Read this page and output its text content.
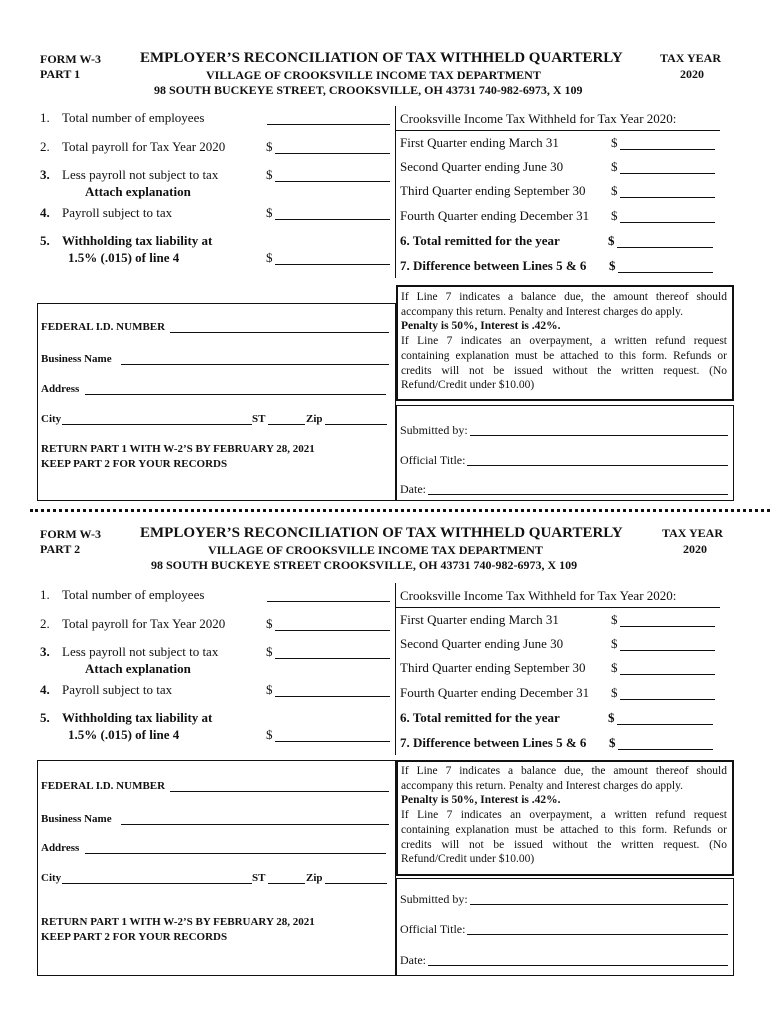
FORM W-3
PART 1
EMPLOYER’S RECONCILIATION OF TAX WITHHELD QUARTERLY
VILLAGE OF CROOKSVILLE INCOME TAX DEPARTMENT
98 SOUTH BUCKEYE STREET, CROOKSVILLE, OH 43731 740-982-6973, X 109
TAX YEAR
2020
1. Total number of employees
2. Total payroll for Tax Year 2020	$
3. Less payroll not subject to tax	$
Attach explanation
4. Payroll subject to tax	$
5. Withholding tax liability at
1.5% (.015) of line 4	$
Crooksville Income Tax Withheld for Tax Year 2020:
First Quarter ending March 31	$
Second Quarter ending June 30	$
Third Quarter ending September 30 $
Fourth Quarter ending December 31 $
6. Total remitted for the year	$
7. Difference between Lines 5 & 6 $
FEDERAL I.D. NUMBER
Business Name
Address
City	ST	Zip
RETURN PART 1 WITH W-2’S BY FEBRUARY 28, 2021
KEEP PART 2 FOR YOUR RECORDS
If Line 7 indicates a balance due, the amount thereof should accompany this return. Penalty and Interest charges do apply.
Penalty is 50%, Interest is .42%.
If Line 7 indicates an overpayment, a written refund request containing explanation must be attached to this form. Refunds or credits will not be issued without the written request. (No Refund/Credit under $10.00)
Submitted by:
Official Title:
Date:
FORM W-3
PART 2
EMPLOYER’S RECONCILIATION OF TAX WITHHELD QUARTERLY
VILLAGE OF CROOKSVILLE INCOME TAX DEPARTMENT
98 SOUTH BUCKEYE STREET CROOKSVILLE, OH 43731 740-982-6973, X 109
TAX YEAR
2020
1. Total number of employees
2. Total payroll for Tax Year 2020	$
3. Less payroll not subject to tax	$
Attach explanation
4. Payroll subject to tax	$
5. Withholding tax liability at
1.5% (.015) of line 4	$
Crooksville Income Tax Withheld for Tax Year 2020:
First Quarter ending March 31	$
Second Quarter ending June 30	$
Third Quarter ending September 30 $
Fourth Quarter ending December 31 $
6. Total remitted for the year	$
7. Difference between Lines 5 & 6 $
FEDERAL I.D. NUMBER
Business Name
Address
City	ST	Zip
RETURN PART 1 WITH W-2’S BY FEBRUARY 28, 2021
KEEP PART 2 FOR YOUR RECORDS
If Line 7 indicates a balance due, the amount thereof should accompany this return. Penalty and Interest charges do apply.
Penalty is 50%, Interest is .42%.
If Line 7 indicates an overpayment, a written refund request containing explanation must be attached to this form. Refunds or credits will not be issued without the written request. (No Refund/Credit under $10.00)
Submitted by:
Official Title:
Date:
